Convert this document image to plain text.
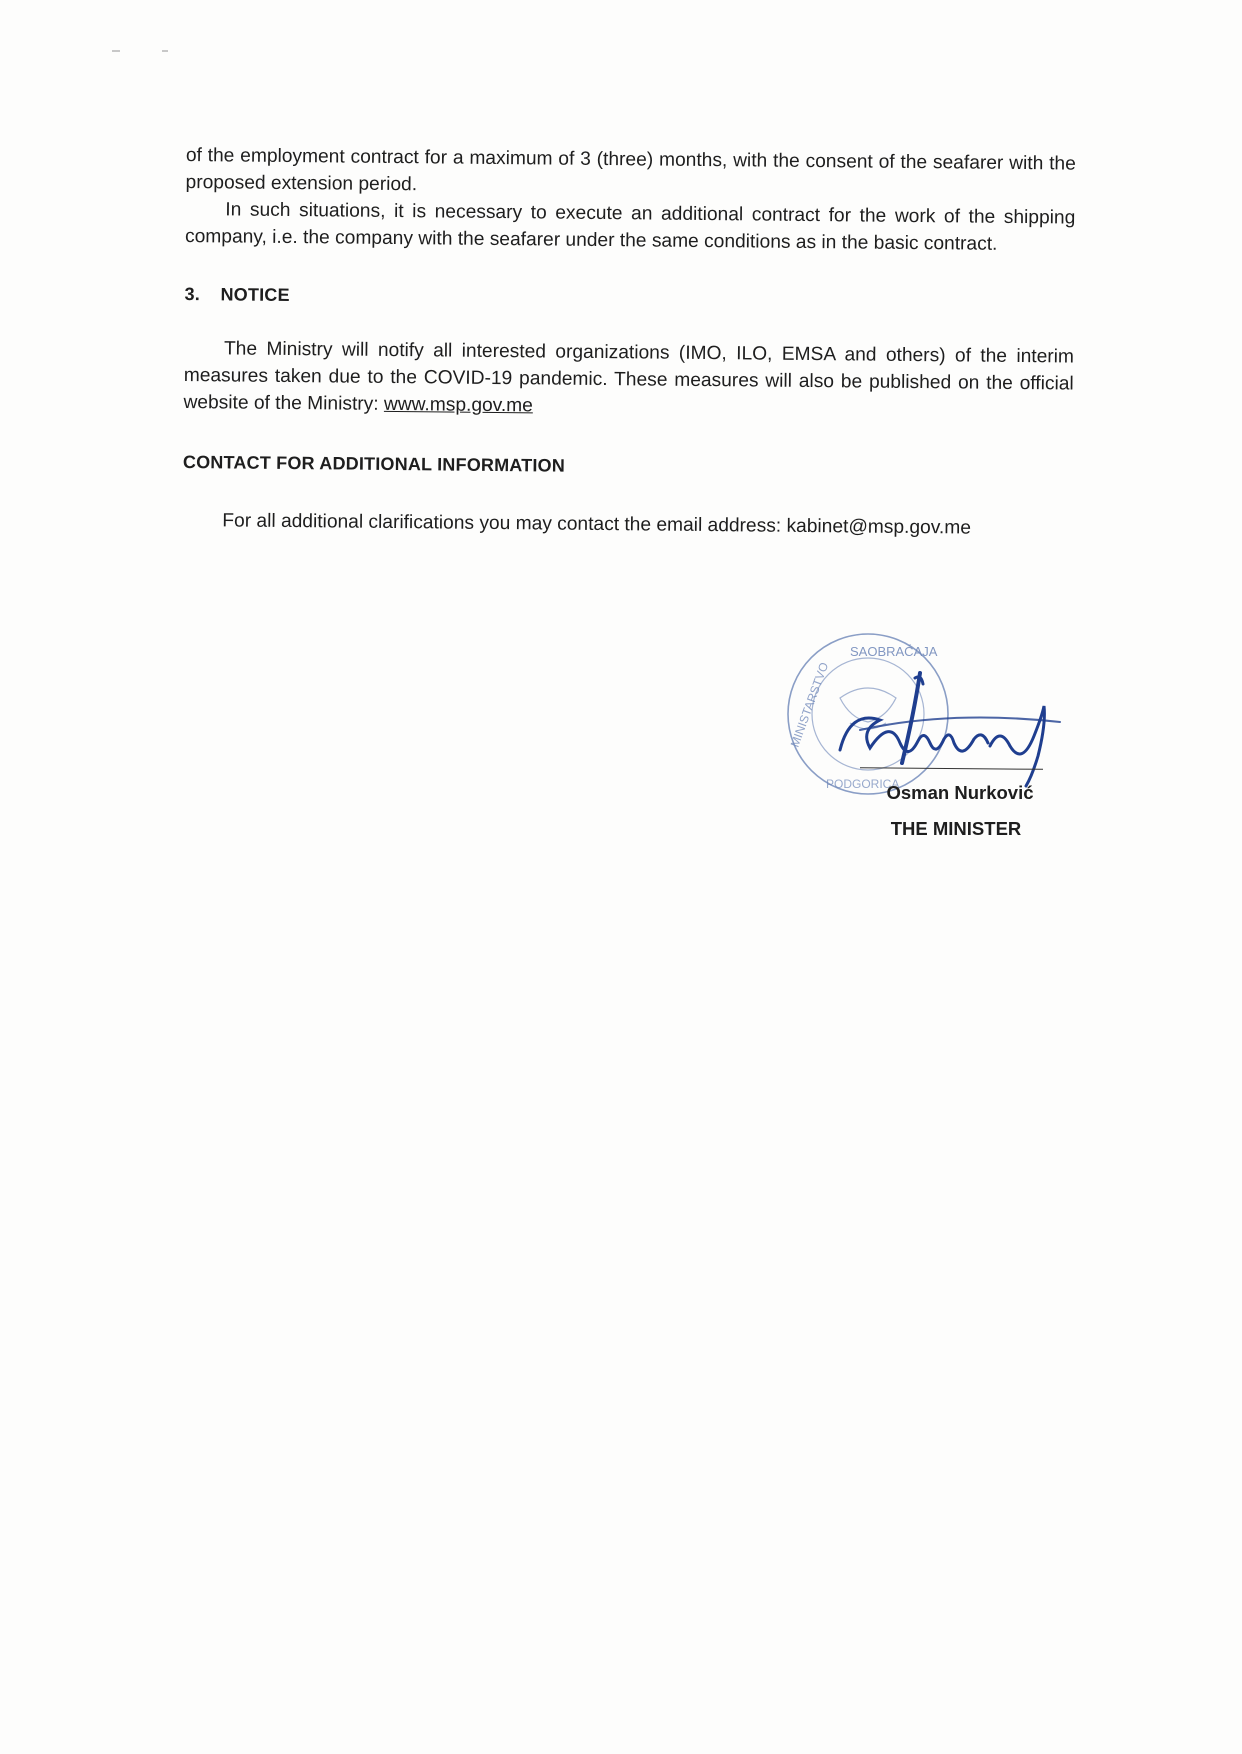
of the employment contract for a maximum of 3 (three) months, with the consent of the seafarer with the proposed extension period.

In such situations, it is necessary to execute an additional contract for the work of the shipping company, i.e. the company with the seafarer under the same conditions as in the basic contract.

3. NOTICE

The Ministry will notify all interested organizations (IMO, ILO, EMSA and others) of the interim measures taken due to the COVID-19 pandemic. These measures will also be published on the official website of the Ministry: www.msp.gov.me

CONTACT FOR ADDITIONAL INFORMATION

For all additional clarifications you may contact the email address: kabinet@msp.gov.me

SAOBRAĆAJA
MINISTARSTVO
PODGORICA
Osman Nurković
THE MINISTER
